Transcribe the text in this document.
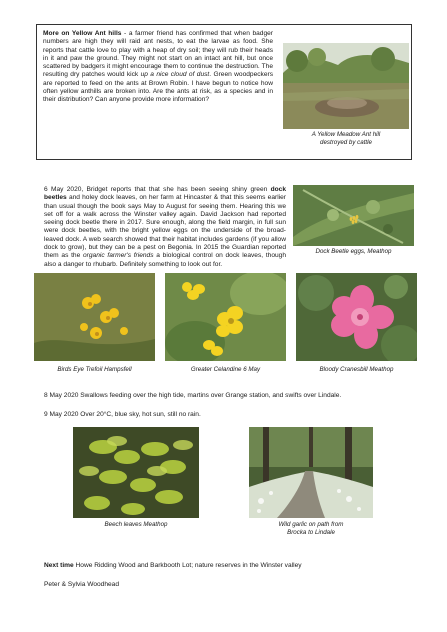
More on Yellow Ant hills - a farmer friend has confirmed that when badger numbers are high they will raid ant nests, to eat the larvae as food. She reports that cattle love to play with a heap of dry soil; they will rub their heads in it and paw the ground. They might not start on an intact ant hill, but once scattered by badgers it might encourage them to continue the destruction. The resulting dry patches would kick up a nice cloud of dust. Green woodpeckers are reported to feed on the ants at Brown Robin. I have begun to notice how often yellow anthills are broken into. Are the ants at risk, as a species and in their distribution? Can anyone provide more information?

A Yellow Meadow Ant hill
destroyed by cattle

6 May 2020, Bridget reports that that she has been seeing shiny green dock beetles and holey dock leaves, on her farm at Hincaster & that this seems earlier than usual though the book says May to August for seeing them. Hearing this we set off for a walk across the Winster valley again. David Jackson had reported seeing dock beetle there in 2017. Sure enough, along the field margin, in full sun were dock beetles, with the bright yellow eggs on the underside of the broad-leaved dock. A web search showed that their habitat includes gardens (if you allow dock to grow), but they can be a pest on Begonia. In 2015 the Guardian reported them as the organic farmer's friends a biological control on dock leaves, though also a danger to rhubarb. Definitely something to look out for.

Dock Beetle eggs, Meathop

Birds Eye Trefoil Hampsfell	Greater Celandine 6 May	Bloody Cranesbill Meathop

8 May 2020 Swallows feeding over the high tide, martins over Grange station, and swifts over Lindale.

9 May 2020 Over 20°C, blue sky, hot sun, still no rain.

Beech leaves Meathop	Wild garlic on path from
Brocka to Lindale

Next time Howe Ridding Wood and Barkbooth Lot; nature reserves in the Winster valley

Peter & Sylvia Woodhead
